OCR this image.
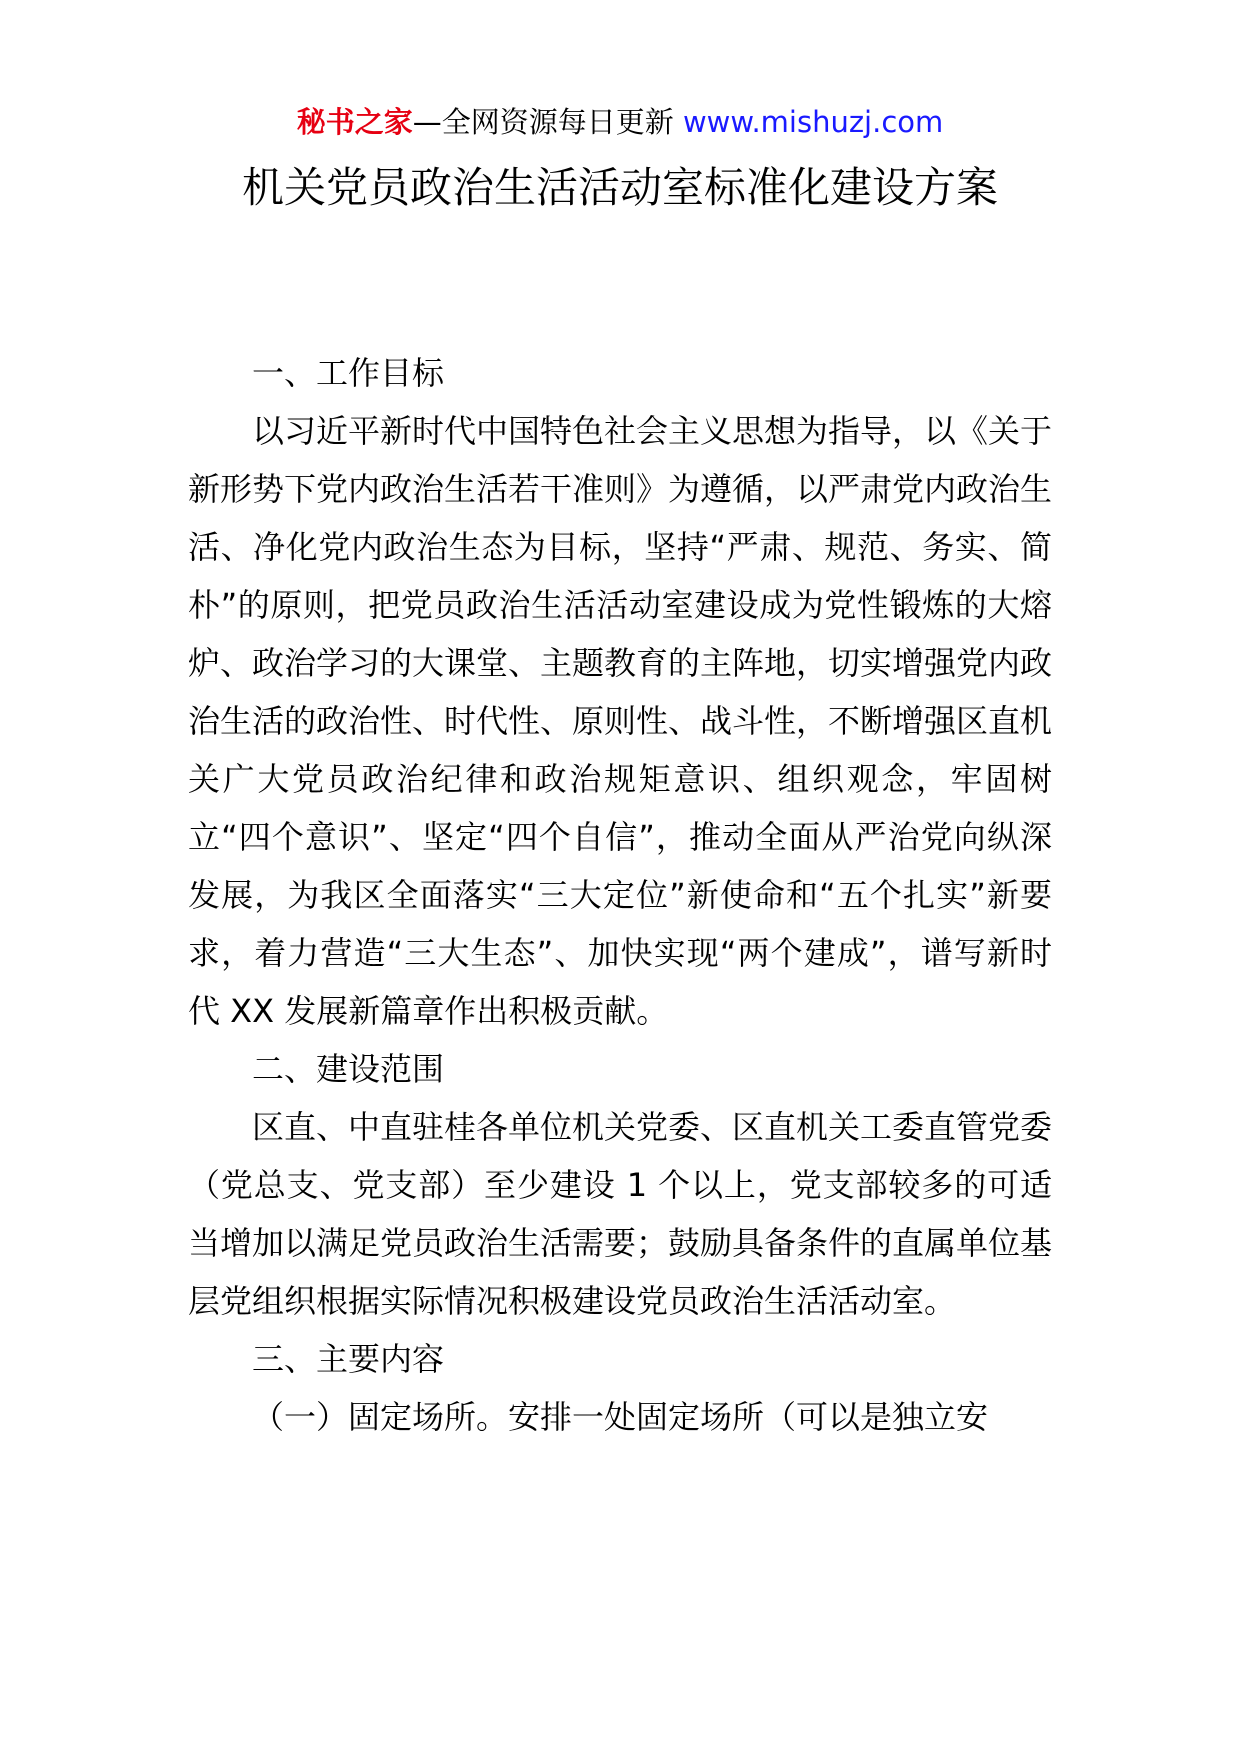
秘书之家—全网资源每日更新 www.mishuzj.com
机关党员政治生活活动室标准化建设方案

一、工作目标

以习近平新时代中国特色社会主义思想为指导，以《关于新形势下党内政治生活若干准则》为遵循，以严肃党内政治生活、净化党内政治生态为目标，坚持“严肃、规范、务实、简朴”的原则，把党员政治生活活动室建设成为党性锻炼的大熔炉、政治学习的大课堂、主题教育的主阵地，切实增强党内政治生活的政治性、时代性、原则性、战斗性，不断增强区直机关广大党员政治纪律和政治规矩意识、组织观念，牢固树立“四个意识”、坚定“四个自信”，推动全面从严治党向纵深发展，为我区全面落实“三大定位”新使命和“五个扎实”新要求，着力营造“三大生态”、加快实现“两个建成”，谱写新时代 XX 发展新篇章作出积极贡献。

二、建设范围

区直、中直驻桂各单位机关党委、区直机关工委直管党委（党总支、党支部）至少建设 1 个以上，党支部较多的可适当增加以满足党员政治生活需要；鼓励具备条件的直属单位基层党组织根据实际情况积极建设党员政治生活活动室。

三、主要内容

（一）固定场所。安排一处固定场所（可以是独立安
